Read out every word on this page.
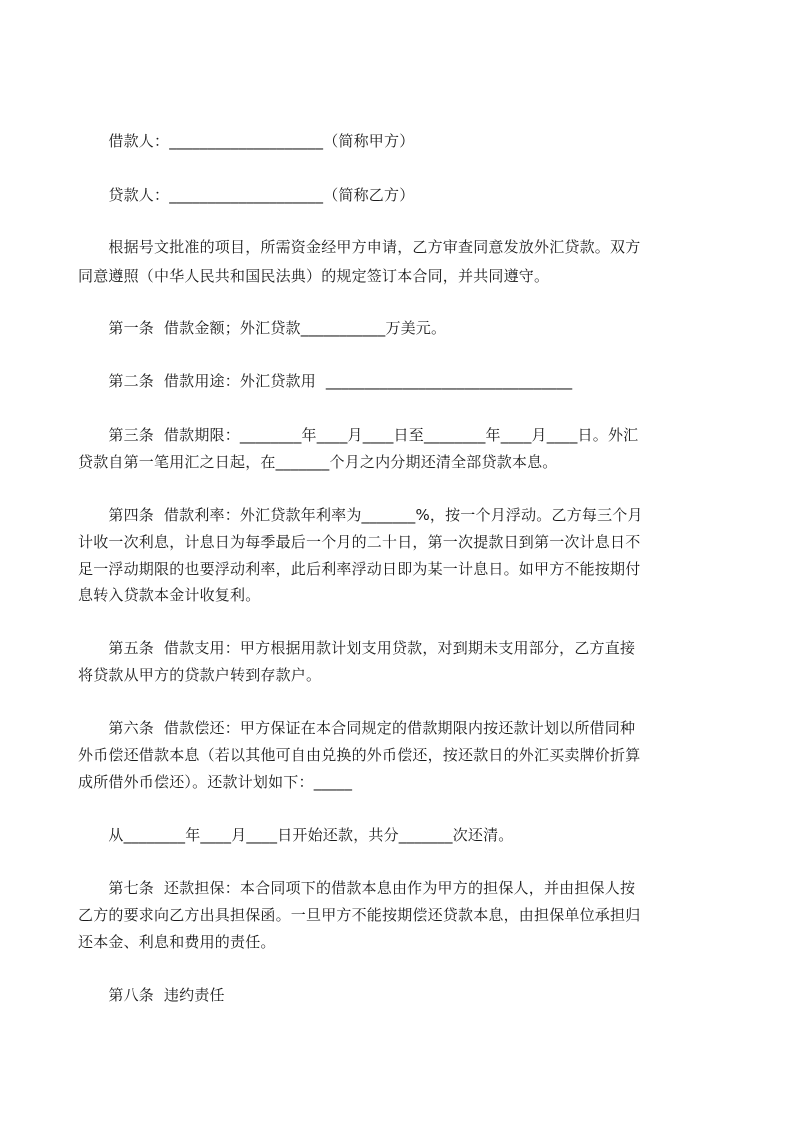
　　借款人：____________________（简称甲方）
　　贷款人：____________________（简称乙方）
　　根据号文批准的项目，所需资金经甲方申请，乙方审查同意发放外汇贷款。双方
同意遵照（中华人民共和国民法典）的规定签订本合同，并共同遵守。
　　第一条  借款金额；外汇贷款___________万美元。
　　第二条  借款用途：外汇贷款用  ________________________________
　　第三条  借款期限：________年____月____日至________年____月____日。外汇
贷款自第一笔用汇之日起，在_______个月之内分期还清全部贷款本息。
　　第四条  借款利率：外汇贷款年利率为_______%，按一个月浮动。乙方每三个月
计收一次利息，计息日为每季最后一个月的二十日，第一次提款日到第一次计息日不
足一浮动期限的也要浮动利率，此后利率浮动日即为某一计息日。如甲方不能按期付
息转入贷款本金计收复利。
　　第五条  借款支用：甲方根据用款计划支用贷款，对到期未支用部分，乙方直接
将贷款从甲方的贷款户转到存款户。
　　第六条  借款偿还：甲方保证在本合同规定的借款期限内按还款计划以所借同种
外币偿还借款本息（若以其他可自由兑换的外币偿还，按还款日的外汇买卖牌价折算
成所借外币偿还）。还款计划如下：_____
　　从________年____月____日开始还款，共分_______次还清。
　　第七条  还款担保：本合同项下的借款本息由作为甲方的担保人，并由担保人按
乙方的要求向乙方出具担保函。一旦甲方不能按期偿还贷款本息，由担保单位承担归
还本金、利息和费用的责任。
　　第八条  违约责任
